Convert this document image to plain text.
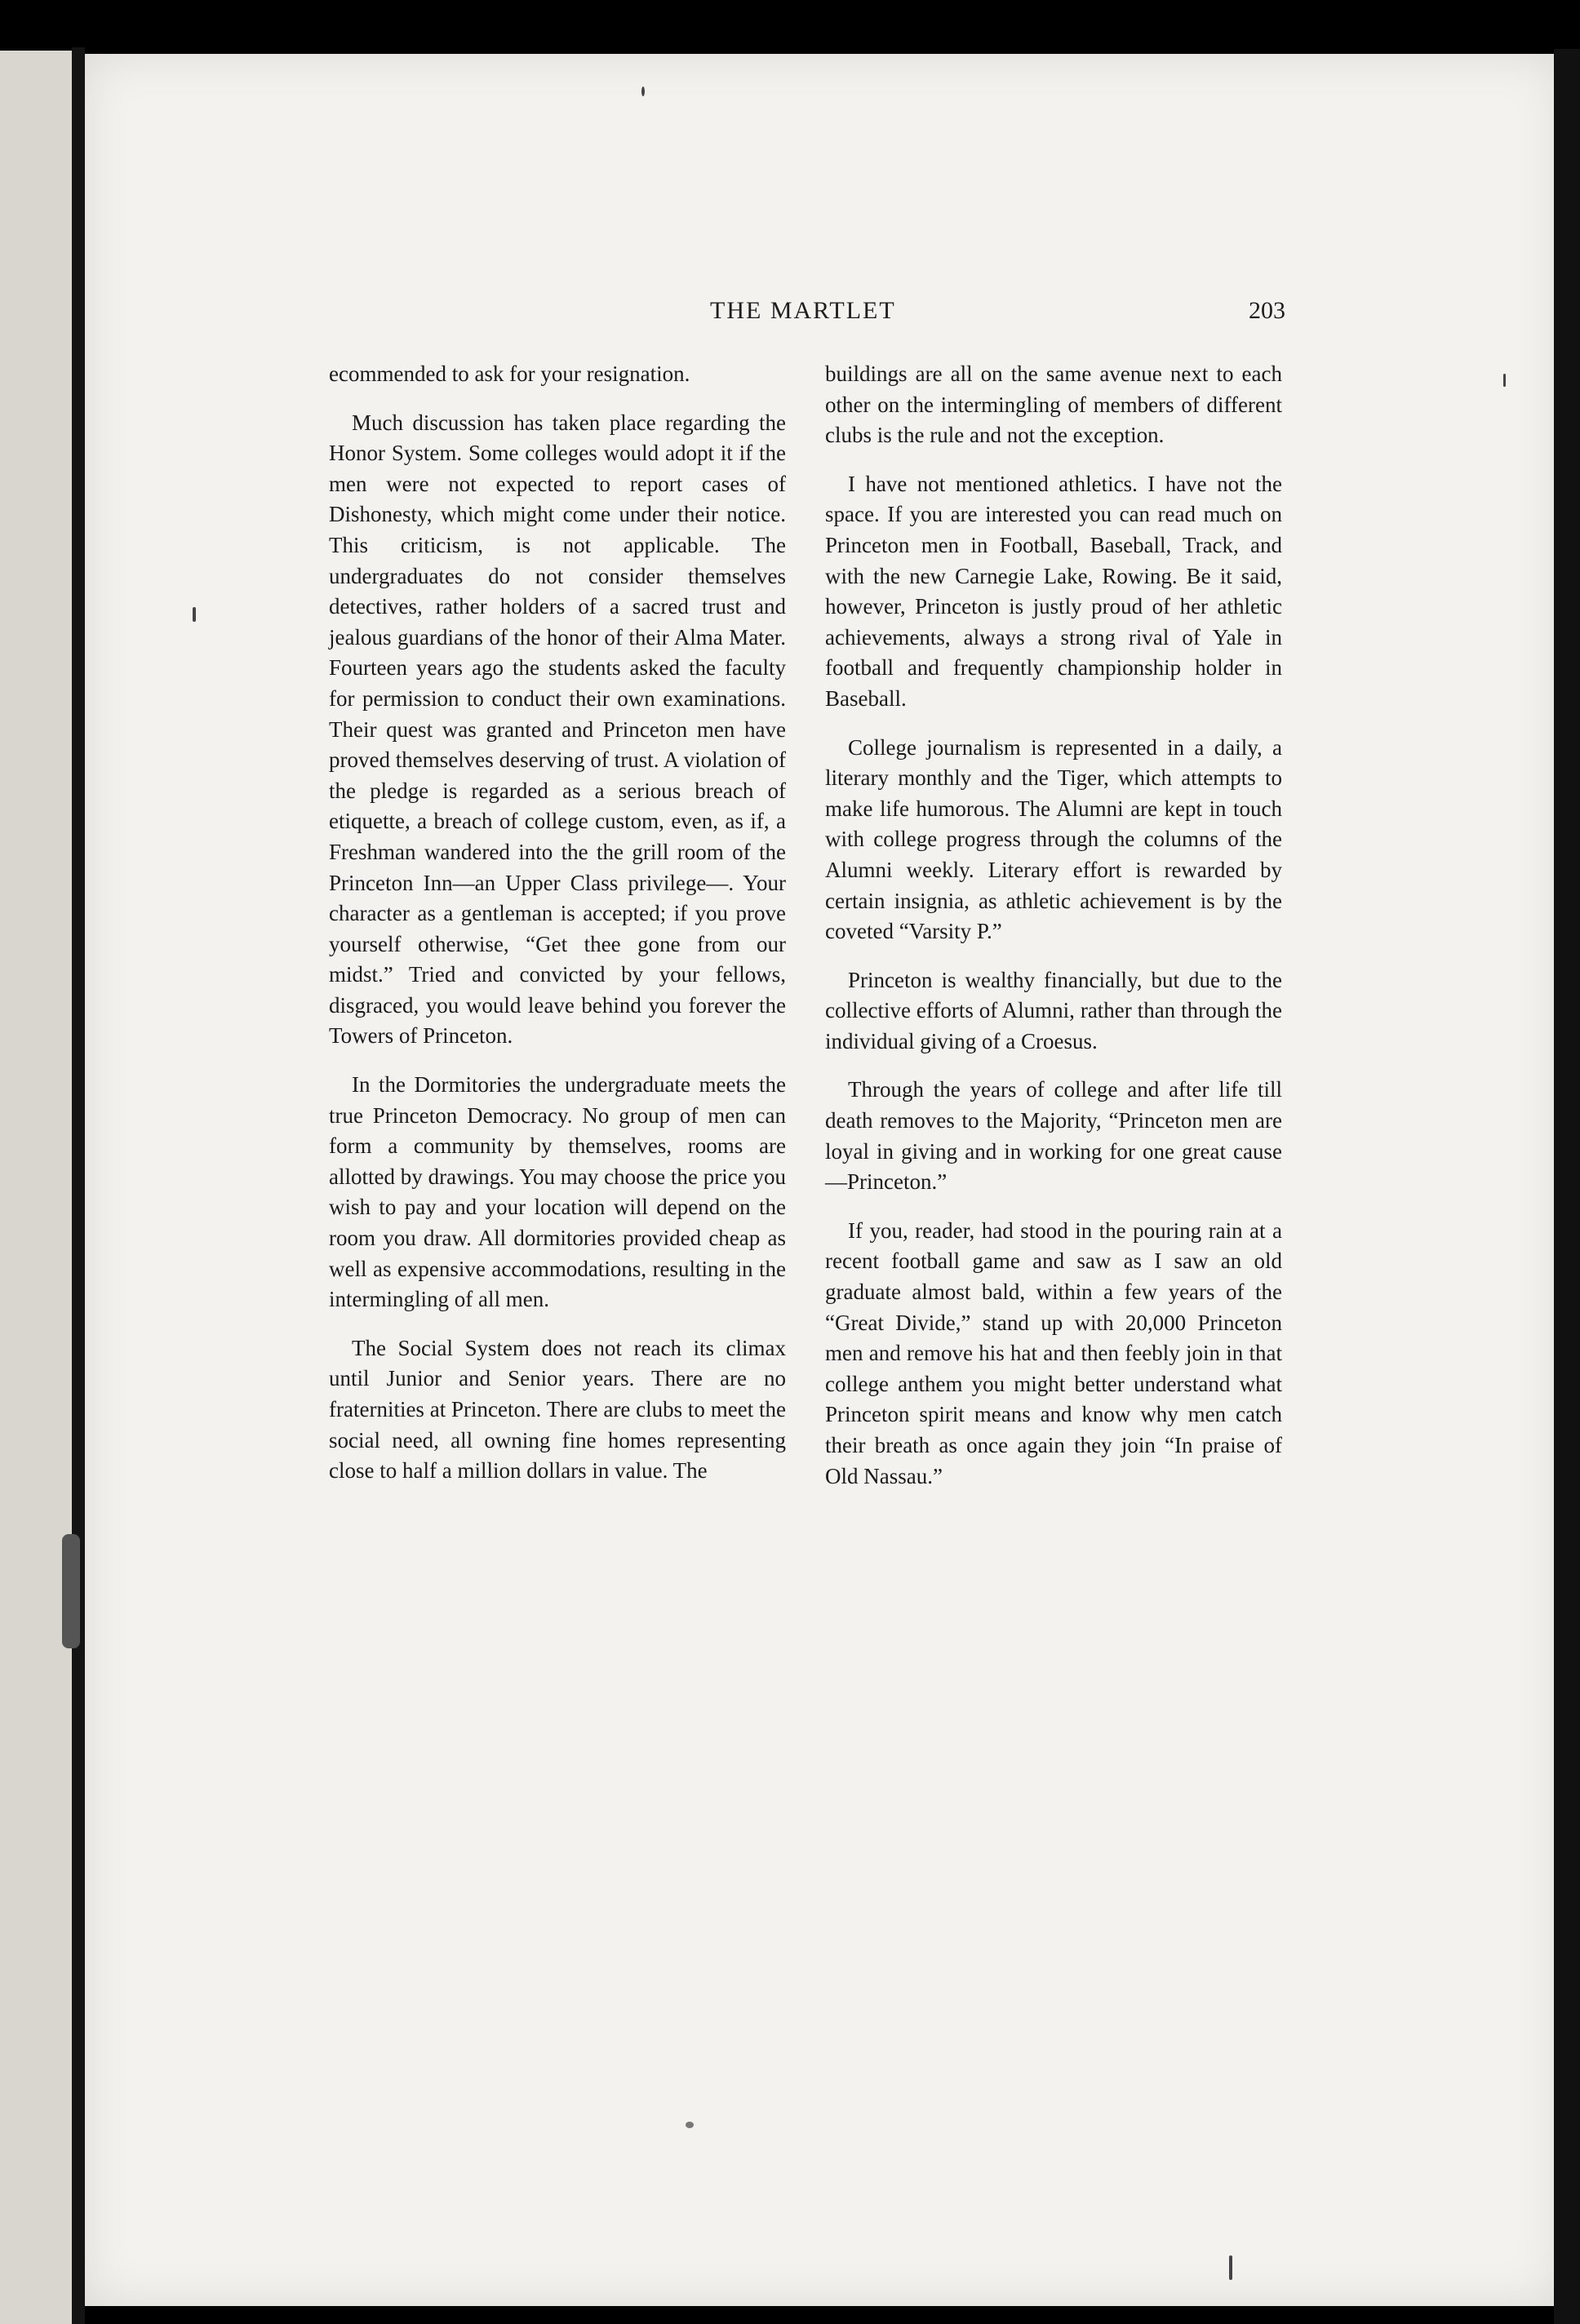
THE MARTLET	203

ecommended to ask for your resignation.

Much discussion has taken place regarding the Honor System. Some colleges would adopt it if the men were not expected to report cases of Dishonesty, which might come under their notice. This criticism, is not applicable. The undergraduates do not consider themselves detectives, rather holders of a sacred trust and jealous guardians of the honor of their Alma Mater. Fourteen years ago the students asked the faculty for permission to conduct their own examinations. Their quest was granted and Princeton men have proved themselves deserving of trust. A violation of the pledge is regarded as a serious breach of etiquette, a breach of college custom, even, as if, a Freshman wandered into the the grill room of the Princeton Inn—an Upper Class privilege—. Your character as a gentleman is accepted; if you prove yourself otherwise, “Get thee gone from our midst.” Tried and convicted by your fellows, disgraced, you would leave behind you forever the Towers of Princeton.

In the Dormitories the undergraduate meets the true Princeton Democracy. No group of men can form a community by themselves, rooms are allotted by drawings. You may choose the price you wish to pay and your location will depend on the room you draw. All dormitories provided cheap as well as expensive accommodations, resulting in the intermingling of all men.

The Social System does not reach its climax until Junior and Senior years. There are no fraternities at Princeton. There are clubs to meet the social need, all owning fine homes representing close to half a million dollars in value. The

buildings are all on the same avenue next to each other on the intermingling of members of different clubs is the rule and not the exception.

I have not mentioned athletics. I have not the space. If you are interested you can read much on Princeton men in Football, Baseball, Track, and with the new Carnegie Lake, Rowing. Be it said, however, Princeton is justly proud of her athletic achievements, always a strong rival of Yale in football and frequently championship holder in Baseball.

College journalism is represented in a daily, a literary monthly and the Tiger, which attempts to make life humorous. The Alumni are kept in touch with college progress through the columns of the Alumni weekly. Literary effort is rewarded by certain insignia, as athletic achievement is by the coveted “Varsity P.”

Princeton is wealthy financially, but due to the collective efforts of Alumni, rather than through the individual giving of a Croesus.

Through the years of college and after life till death removes to the Majority, “Princeton men are loyal in giving and in working for one great cause—Princeton.”

If you, reader, had stood in the pouring rain at a recent football game and saw as I saw an old graduate almost bald, within a few years of the “Great Divide,” stand up with 20,000 Princeton men and remove his hat and then feebly join in that college anthem you might better understand what Princeton spirit means and know why men catch their breath as once again they join “In praise of Old Nassau.”
